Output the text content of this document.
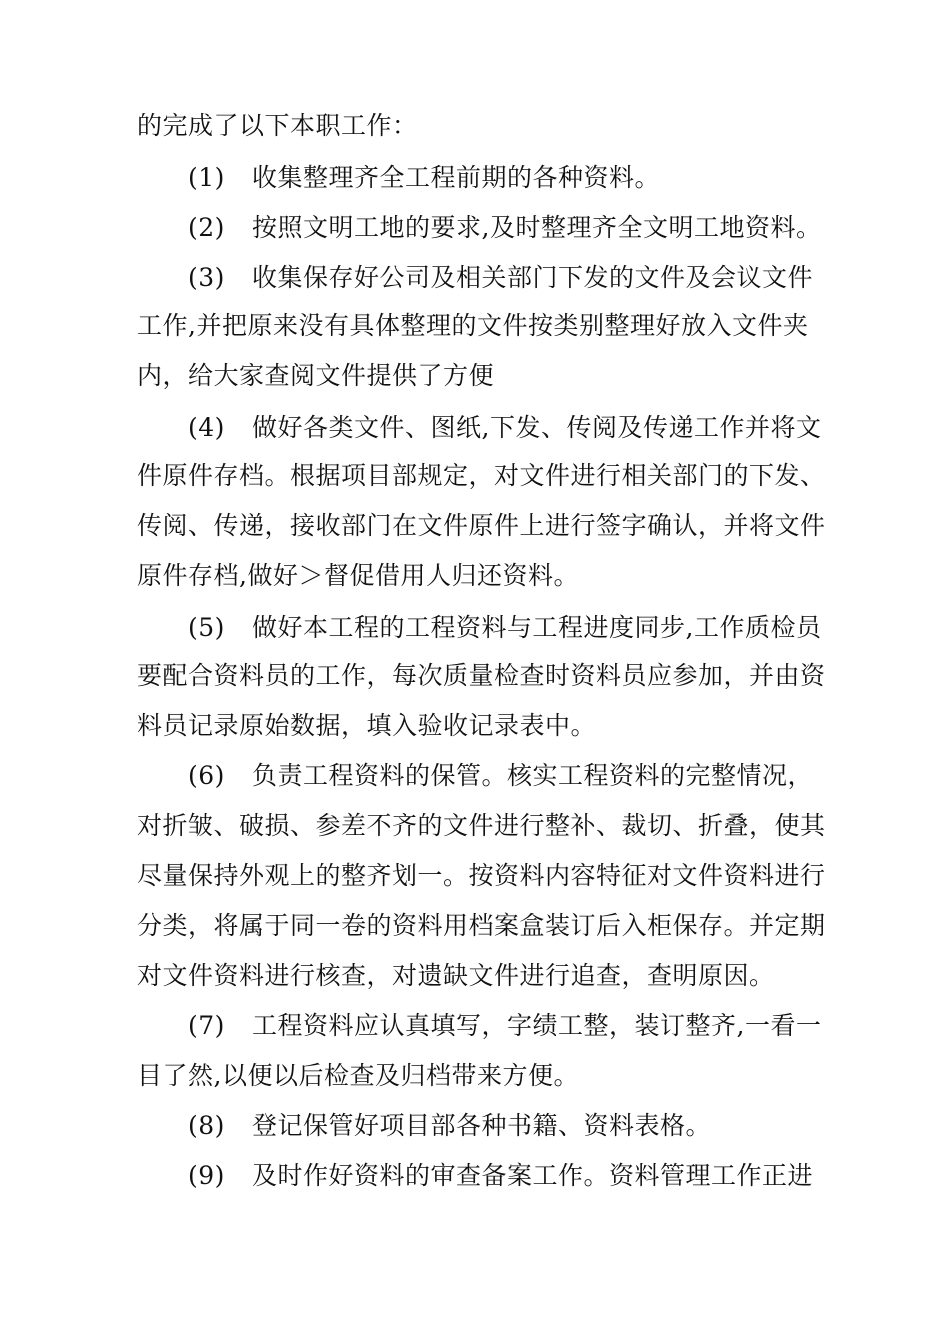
的完成了以下本职工作：
(1) 收集整理齐全工程前期的各种资料。
(2) 按照文明工地的要求,及时整理齐全文明工地资料。
(3) 收集保存好公司及相关部门下发的文件及会议文件
工作,并把原来没有具体整理的文件按类别整理好放入文件夹
内，给大家查阅文件提供了方便
(4) 做好各类文件、图纸,下发、传阅及传递工作并将文
件原件存档。根据项目部规定，对文件进行相关部门的下发、
传阅、传递，接收部门在文件原件上进行签字确认，并将文件
原件存档,做好＞督促借用人归还资料。
(5) 做好本工程的工程资料与工程进度同步,工作质检员
要配合资料员的工作，每次质量检查时资料员应参加，并由资
料员记录原始数据，填入验收记录表中。
(6) 负责工程资料的保管。核实工程资料的完整情况，
对折皱、破损、参差不齐的文件进行整补、裁切、折叠，使其
尽量保持外观上的整齐划一。按资料内容特征对文件资料进行
分类，将属于同一卷的资料用档案盒装订后入柜保存。并定期
对文件资料进行核查，对遗缺文件进行追查，查明原因。
(7) 工程资料应认真填写，字绩工整，装订整齐,一看一
目了然,以便以后检查及归档带来方便。
(8) 登记保管好项目部各种书籍、资料表格。
(9) 及时作好资料的审查备案工作。资料管理工作正进
